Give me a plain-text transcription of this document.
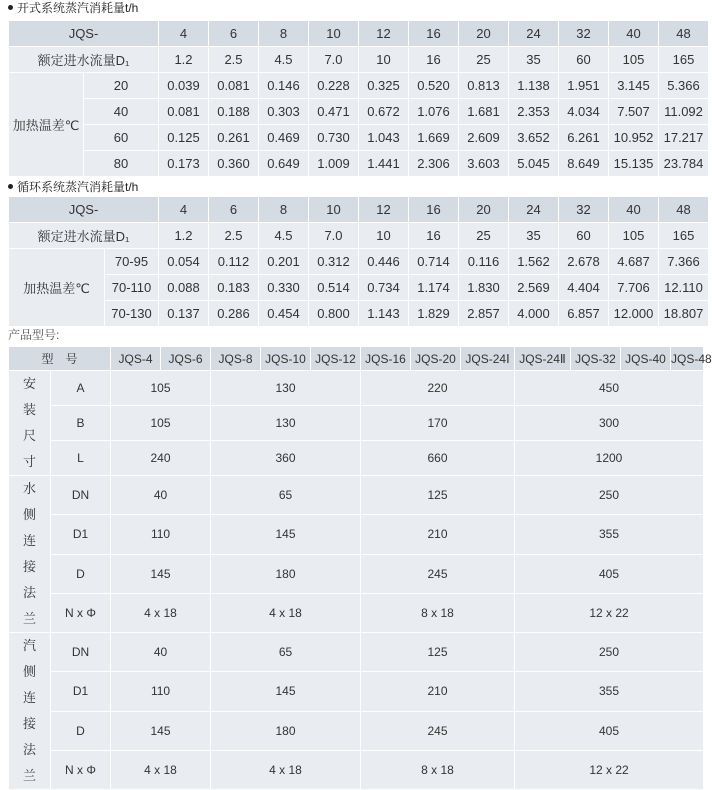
开式系统蒸汽消耗量t/h
JQS-		4	6	8	10	12	16	20	24	32	40	48
额定进水流量D₁		1.2	2.5	4.5	7.0	10	16	25	35	60	105	165
加热温差℃	20	0.039	0.081	0.146	0.228	0.325	0.520	0.813	1.138	1.951	3.145	5.366
	40	0.081	0.188	0.303	0.471	0.672	1.076	1.681	2.353	4.034	7.507	11.092
	60	0.125	0.261	0.469	0.730	1.043	1.669	2.609	3.652	6.261	10.952	17.217
	80	0.173	0.360	0.649	1.009	1.441	2.306	3.603	5.045	8.649	15.135	23.784
循环系统蒸汽消耗量t/h
JQS-		4	6	8	10	12	16	20	24	32	40	48
额定进水流量D₁		1.2	2.5	4.5	7.0	10	16	25	35	60	105	165
加热温差℃	70-95	0.054	0.112	0.201	0.312	0.446	0.714	0.116	1.562	2.678	4.687	7.366
	70-110	0.088	0.183	0.330	0.514	0.734	1.174	1.830	2.569	4.404	7.706	12.110
	70-130	0.137	0.286	0.454	0.800	1.143	1.829	2.857	4.000	6.857	12.000	18.807
产品型号:
型　号		JQS-4	JQS-6	JQS-8	JQS-10	JQS-12	JQS-16	JQS-20	JQS-24Ⅰ	JQS-24Ⅱ	JQS-32	JQS-40	JQS-48
安装尺寸	A	105		130			220			450			
	B	105		130			170			300			
	L	240		360			660			1200			
水侧连接法兰	DN	40		65			125			250			
	D1	110		145			210			355			
	D	145		180			245			405			
	N x Φ	4 x 18		4 x 18			8 x 18			12 x 22			
汽侧连接法兰	DN	40		65			125			250			
	D1	110		145			210			355			
	D	145		180			245			405			
	N x Φ	4 x 18		4 x 18			8 x 18			12 x 22			
